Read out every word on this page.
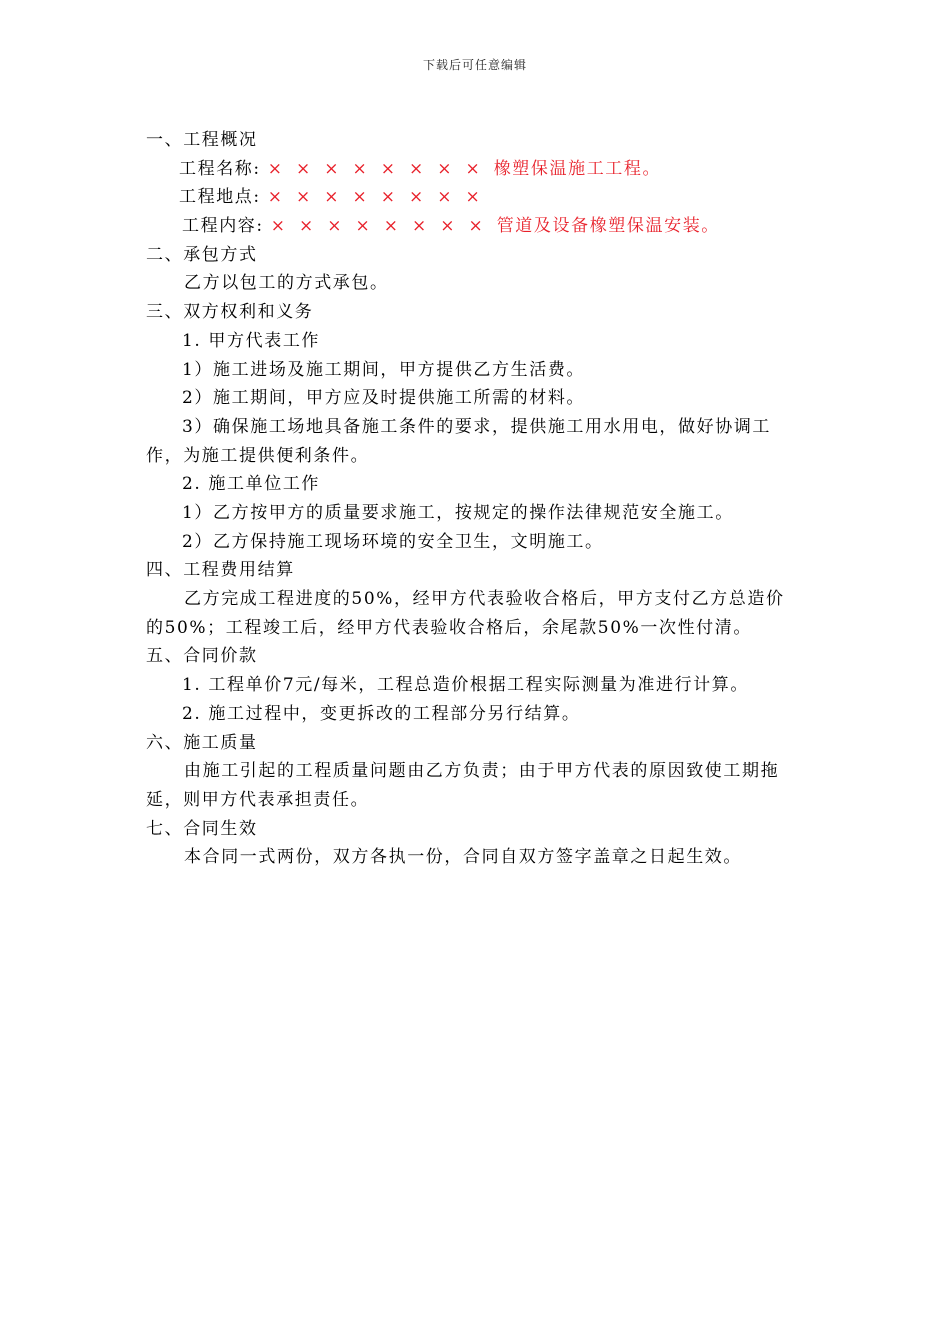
下载后可任意编辑
一、工程概况
工程名称: ××××××××橡塑保温施工工程。
工程地点: ××××××××
工程内容: ××××××××管道及设备橡塑保温安装。
二、承包方式
乙方以包工的方式承包。
三、双方权利和义务
1. 甲方代表工作
1）施工进场及施工期间，甲方提供乙方生活费。
2）施工期间，甲方应及时提供施工所需的材料。
3）确保施工场地具备施工条件的要求，提供施工用水用电，做好协调工作，为施工提供便利条件。
2. 施工单位工作
1）乙方按甲方的质量要求施工，按规定的操作法律规范安全施工。
2）乙方保持施工现场环境的安全卫生，文明施工。
四、工程费用结算
乙方完成工程进度的50%，经甲方代表验收合格后，甲方支付乙方总造价的50%；工程竣工后，经甲方代表验收合格后，余尾款50%一次性付清。
五、合同价款
1. 工程单价7元/每米，工程总造价根据工程实际测量为准进行计算。
2. 施工过程中，变更拆改的工程部分另行结算。
六、施工质量
由施工引起的工程质量问题由乙方负责；由于甲方代表的原因致使工期拖延，则甲方代表承担责任。
七、合同生效
本合同一式两份，双方各执一份，合同自双方签字盖章之日起生效。
